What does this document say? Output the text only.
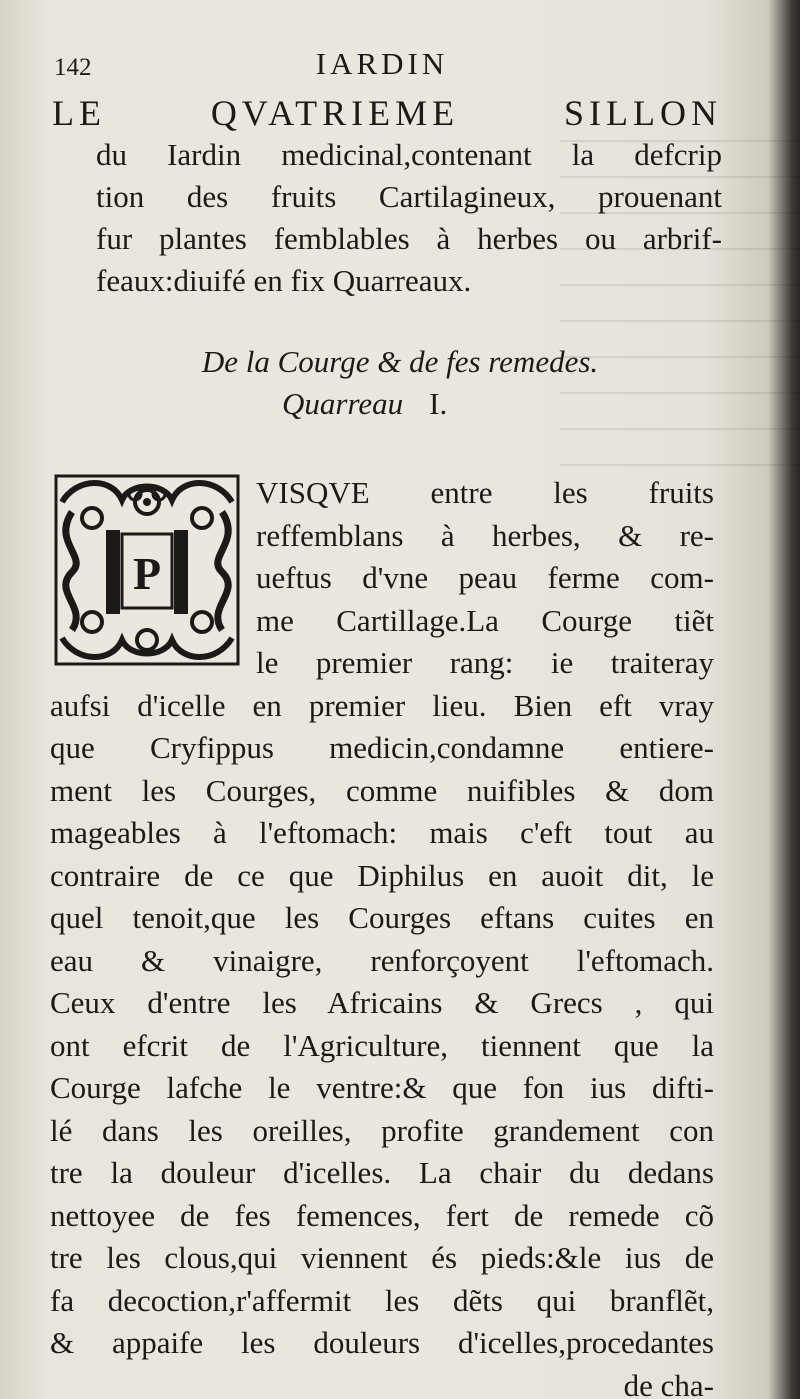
142	IARDIN
LE	QVATRIEME	SILLON
du Iardin medicinal,contenant la defcrip
tion des fruits Cartilagineux, prouenant
fur plantes femblables à herbes ou arbrif-
feaux:diuifé en fix Quarreaux.
De la Courge & de fes remedes.
Quarreau I.
P
VISQVE entre les fruits
reffemblans à herbes, & re-
ueftus d'vne peau ferme com-
me Cartillage.La Courge tiẽt
le premier rang: ie traiteray
aufsi d'icelle en premier lieu. Bien eft vray
que Cryfippus medicin,condamne entiere-
ment les Courges, comme nuifibles & dom
mageables à l'eftomach: mais c'eft tout au
contraire de ce que Diphilus en auoit dit, le
quel tenoit,que les Courges eftans cuites en
eau & vinaigre, renforçoyent l'eftomach.
Ceux d'entre les Africains & Grecs , qui
ont efcrit de l'Agriculture, tiennent que la
Courge lafche le ventre:& que fon ius difti-
lé dans les oreilles, profite grandement con
tre la douleur d'icelles. La chair du dedans
nettoyee de fes femences, fert de remede cõ
tre les clous,qui viennent és pieds:&le ius de
fa decoction,r'affermit les dẽts qui branflẽt,
& appaife les douleurs d'icelles,procedantes
de cha-
